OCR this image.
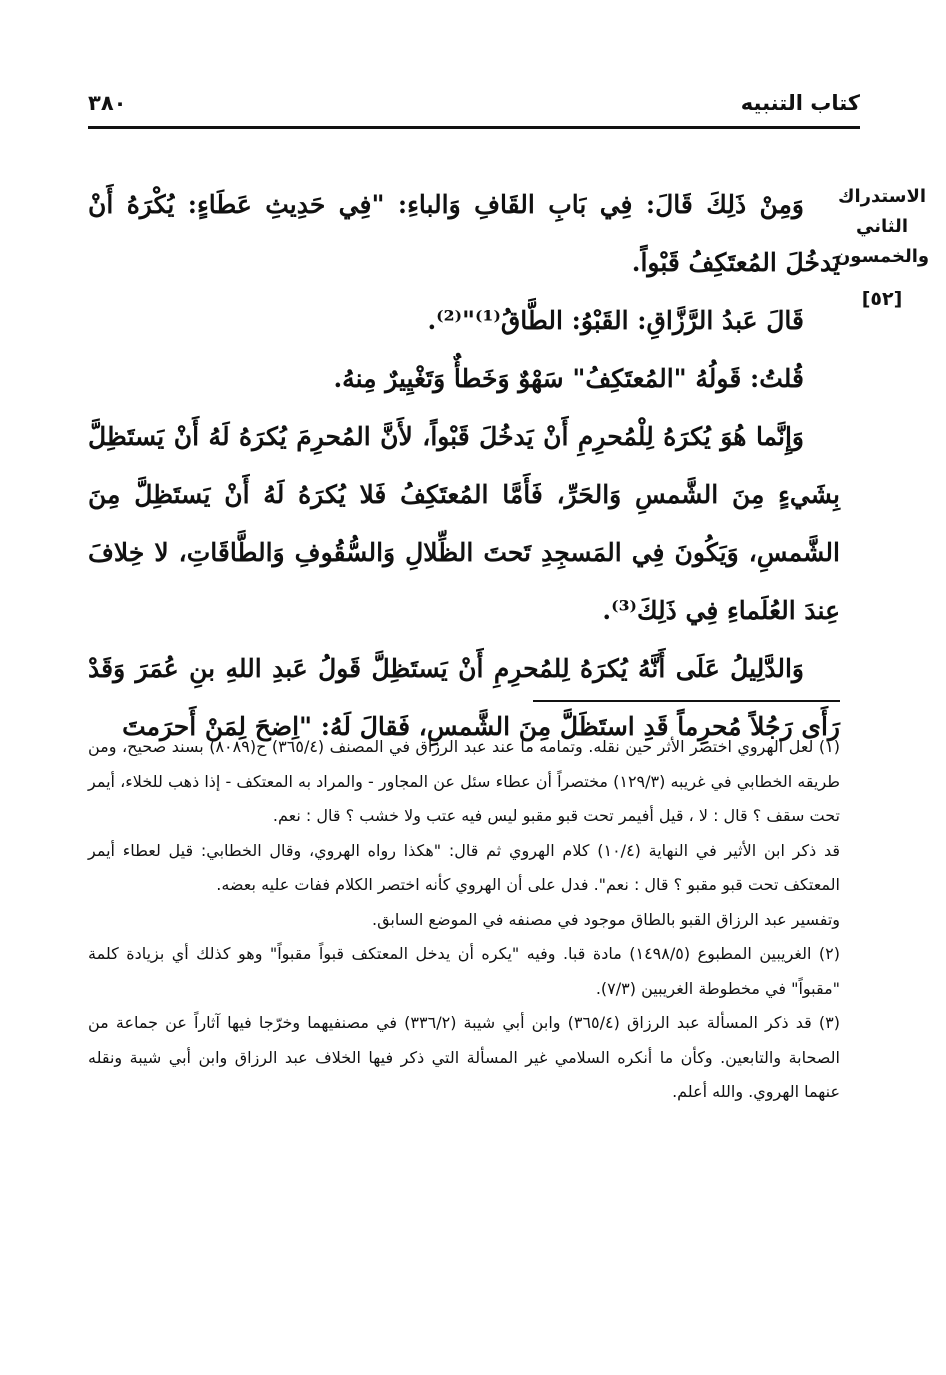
كتاب التنبيه
٣٨٠
الاستدراك
الثاني
والخمسون
[٥٢]

وَمِنْ ذَلِكَ قَالَ: فِي بَابِ القَافِ وَالباءِ: "فِي حَدِيثِ عَطَاءٍ: يُكْرَهُ أَنْ يَدخُلَ المُعتَكِفُ قَبْواً.

قَالَ عَبدُ الرَّزَّاقِ: القَبْوُ: الطَّاقُ⁽¹⁾"⁽²⁾.

قُلتُ: قَولُهُ "المُعتَكِفُ" سَهْوٌ وَخَطأٌ وَتَغْيِيرٌ مِنهُ.

وَإِنَّما هُوَ يُكرَهُ لِلْمُحرِمِ أَنْ يَدخُلَ قَبْواً، لأَنَّ المُحرِمَ يُكرَهُ لَهُ أَنْ يَستَظِلَّ بِشَيءٍ مِنَ الشَّمسِ وَالحَرِّ، فَأَمَّا المُعتَكِفُ فَلا يُكرَهُ لَهُ أَنْ يَستَظِلَّ مِنَ الشَّمسِ، وَيَكُونَ فِي المَسجِدِ تَحتَ الظِّلالِ وَالسُّقُوفِ وَالطَّاقَاتِ، لا خِلافَ عِندَ العُلَماءِ فِي ذَلِكَ⁽³⁾.

وَالدَّلِيلُ عَلَى أَنَّهُ يُكرَهُ لِلمُحرِمِ أَنْ يَستَظِلَّ قَولُ عَبدِ اللهِ بنِ عُمَرَ وَقَدْ رَأَى رَجُلاً مُحرِماً قَدِ استَظَلَّ مِنَ الشَّمسِ، فَقالَ لَهُ: "اِضحَ لِمَنْ أَحرَمتَ

(١) لعل الهروي اختصر الأثر حين نقله. وتمامه ما عند عبد الرزاق في المصنف (٣٦٥/٤) ح(٨٠٨٩) بسند صحيح، ومن طريقه الخطابي في غريبه (١٢٩/٣) مختصراً أن عطاء سئل عن المجاور - والمراد به المعتكف - إذا ذهب للخلاء، أيمر تحت سقف ؟ قال : لا ، قيل أفيمر تحت قبو مقبو ليس فيه عتب ولا خشب ؟ قال : نعم.

قد ذكر ابن الأثير في النهاية (١٠/٤) كلام الهروي ثم قال: "هكذا رواه الهروي، وقال الخطابي: قيل لعطاء أيمر المعتكف تحت قبو مقبو ؟ قال : نعم". فدل على أن الهروي كأنه اختصر الكلام ففات عليه بعضه.

وتفسير عبد الرزاق القبو بالطاق موجود في مصنفه في الموضع السابق.

(٢) الغريبين المطبوع (١٤٩٨/٥) مادة قبا. وفيه "يكره أن يدخل المعتكف قبواً مقبواً" وهو كذلك أي بزيادة كلمة "مقبواً" في مخطوطة الغريبين (٧/٣).

(٣) قد ذكر المسألة عبد الرزاق (٣٦٥/٤) وابن أبي شيبة (٣٣٦/٢) في مصنفيهما وخرّجا فيها آثاراً عن جماعة من الصحابة والتابعين. وكأن ما أنكره السلامي غير المسألة التي ذكر فيها الخلاف عبد الرزاق وابن أبي شيبة ونقله عنهما الهروي. والله أعلم.
